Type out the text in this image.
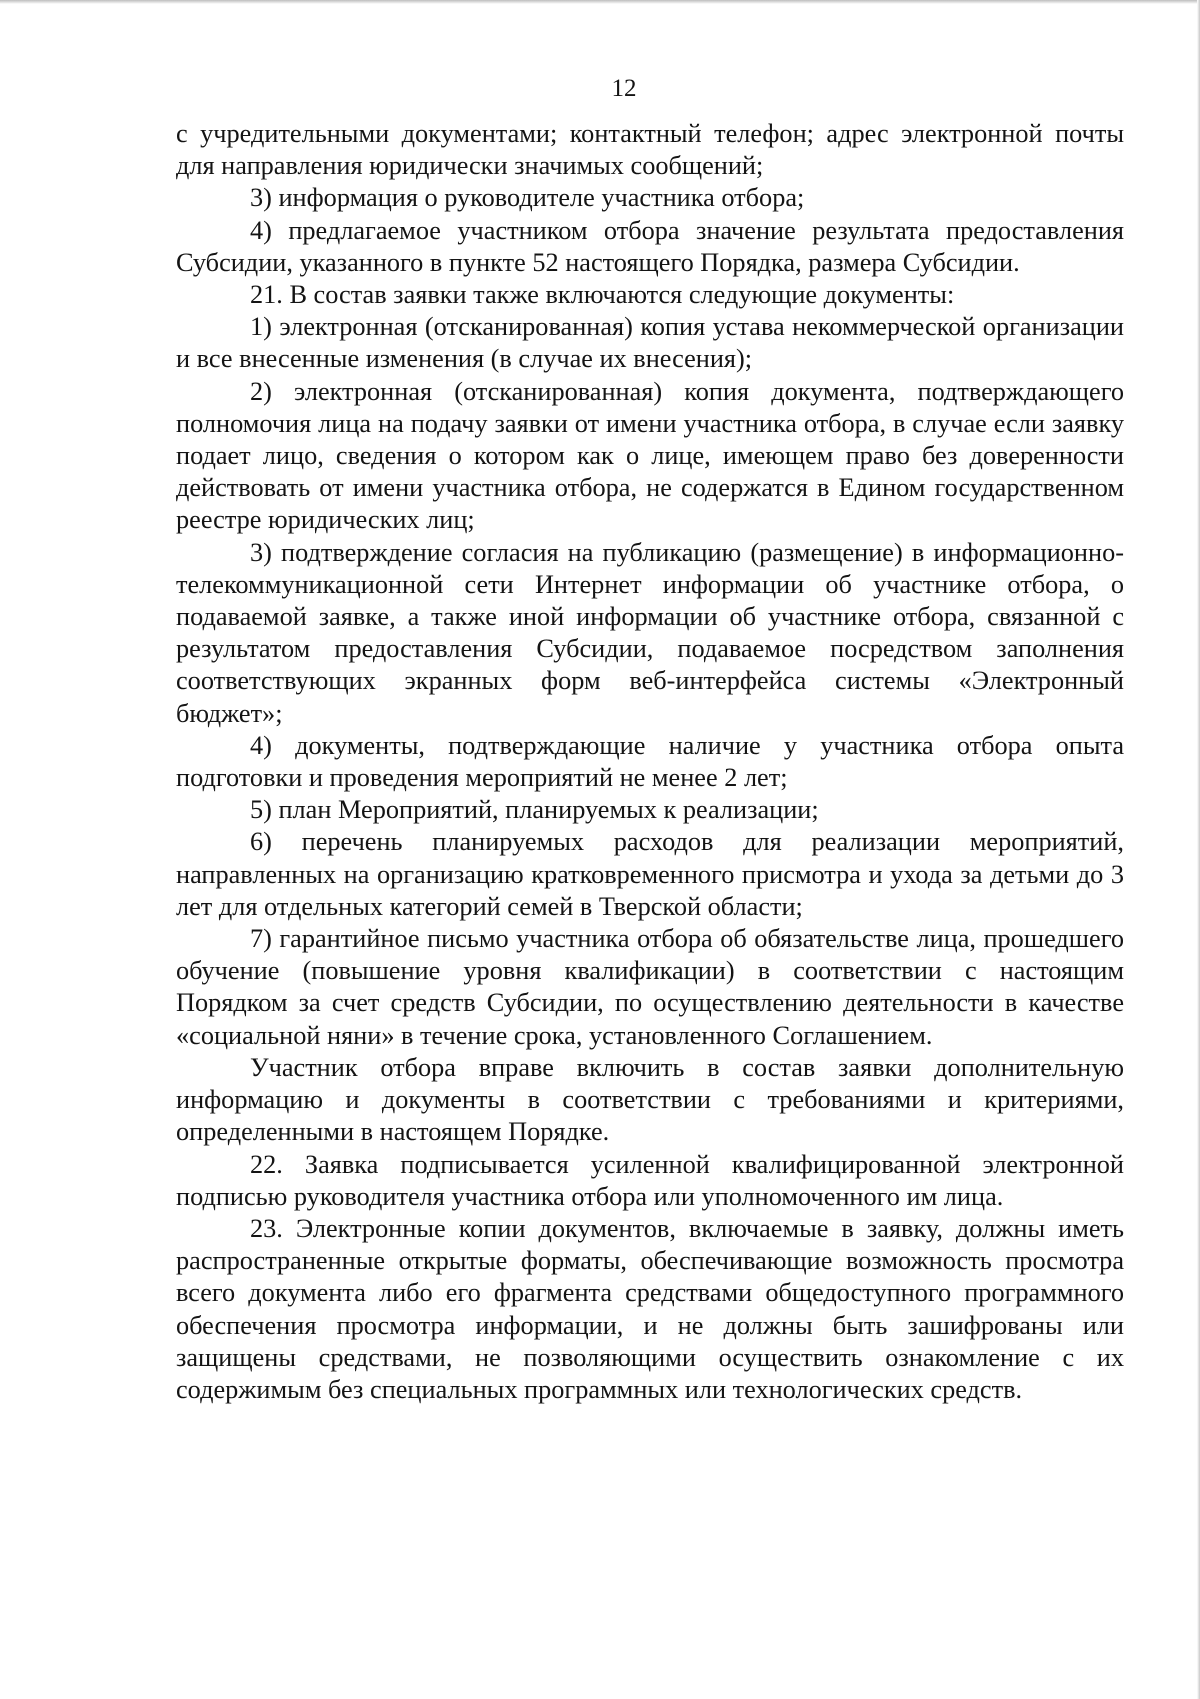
12

с учредительными документами; контактный телефон; адрес электронной почты для направления юридически значимых сообщений;

3) информация о руководителе участника отбора;

4) предлагаемое участником отбора значение результата предоставления Субсидии, указанного в пункте 52 настоящего Порядка, размера Субсидии.

21. В состав заявки также включаются следующие документы:

1) электронная (отсканированная) копия устава некоммерческой организации и все внесенные изменения (в случае их внесения);

2) электронная (отсканированная) копия документа, подтверждающего полномочия лица на подачу заявки от имени участника отбора, в случае если заявку подает лицо, сведения о котором как о лице, имеющем право без доверенности действовать от имени участника отбора, не содержатся в Едином государственном реестре юридических лиц;

3) подтверждение согласия на публикацию (размещение) в информационно-телекоммуникационной сети Интернет информации об участнике отбора, о подаваемой заявке, а также иной информации об участнике отбора, связанной с результатом предоставления Субсидии, подаваемое посредством заполнения соответствующих экранных форм веб-интерфейса системы «Электронный бюджет»;

4) документы, подтверждающие наличие у участника отбора опыта подготовки и проведения мероприятий не менее 2 лет;

5) план Мероприятий, планируемых к реализации;

6) перечень планируемых расходов для реализации мероприятий, направленных на организацию кратковременного присмотра и ухода за детьми до 3 лет для отдельных категорий семей в Тверской области;

7) гарантийное письмо участника отбора об обязательстве лица, прошедшего обучение (повышение уровня квалификации) в соответствии с настоящим Порядком за счет средств Субсидии, по осуществлению деятельности в качестве «социальной няни» в течение срока, установленного Соглашением.

Участник отбора вправе включить в состав заявки дополнительную информацию и документы в соответствии с требованиями и критериями, определенными в настоящем Порядке.

22. Заявка подписывается усиленной квалифицированной электронной подписью руководителя участника отбора или уполномоченного им лица.

23. Электронные копии документов, включаемые в заявку, должны иметь распространенные открытые форматы, обеспечивающие возможность просмотра всего документа либо его фрагмента средствами общедоступного программного обеспечения просмотра информации, и не должны быть зашифрованы или защищены средствами, не позволяющими осуществить ознакомление с их содержимым без специальных программных или технологических средств.
